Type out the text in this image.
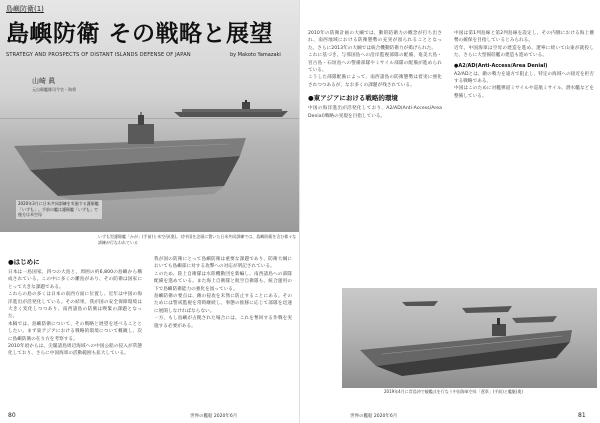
島嶼防衛(1)
島嶼防衛 その戦略と展望
STRATEGY AND PROSPECTS OF DISTANT ISLANDS DEFENSE OF JAPAN	by Makoto Yamazaki
山崎 眞
元自衛艦隊司令官・海将
2020年3月に日米共同訓練を実施する護衛艦「いずも」。手前の艦は護衛艦「いずも」で後方は米空母
いずも型護衛艦「かが」(手前)と米空母(奥)。対中国を念頭に置いた日米共同訓練では、島嶼防衛を含む様々な訓練が行なわれている
●はじめに

日本は一島国家、四つの大島と、周囲の約6,800の島嶼から構成されている。この中に多くの離島があり、その防衛は国家にとって大きな課題である。

これらの島の多くは日本の南西方面に位置し、近年は中国の海洋進出が活発化している。その結果、我が国の安全保障環境は大きく変化しつつあり、南西諸島の防衛は喫緊の課題となった。

本稿では、島嶼防衛について、その戦略と展望を述べることとしたい。まず東アジアにおける戦略的環境について概観し、次に島嶼防衛の在り方を考察する。

2010年頃からは、尖閣諸島周辺海域への中国公船の侵入が常態化しており、さらに中国海軍の活動範囲も拡大している。

我が国の防衛にとって島嶼防衛は重要な課題であり、防衛大綱においても島嶼部に対する攻撃への対応が明記されている。

このため、陸上自衛隊は水陸機動団を新編し、南西諸島への部隊配備を進めている。また海上自衛隊と航空自衛隊も、統合運用の下で島嶼防衛能力の強化を図っている。

島嶼防衛の要点は、敵の侵攻を未然に防止することにある。そのためには警戒監視を常時継続し、事態の推移に応じて部隊を迅速に展開しなければならない。

一方、もし島嶼が占拠された場合には、これを奪回する作戦を実施する必要がある。

80	世界の艦船 2020年6月

2010年の防衛計画の大綱では、動的防衛力の概念が打ち出され、南西地域における防衛態勢の充実が図られることとなった。さらに2013年の大綱では統合機動防衛力が掲げられた。

これに基づき、与那国島への沿岸監視部隊の配備、奄美大島・宮古島・石垣島への警備部隊やミサイル部隊の配備が進められている。

こうした部隊配備によって、南西諸島の防衛態勢は着実に強化されつつあるが、なお多くの課題が残されている。

●東アジアにおける戦略的環境

中国の海洋進出が活発化しており、A2/AD(Anti-Access/Area Denial)戦略の実現を目指している。

中国は第1列島線と第2列島線を設定し、その内側における海上優勢の確保を目指しているとみられる。

近年、中国海軍は空母の建造を進め、遼寧に続いて山東が就役した。さらに大型揚陸艦の建造も進めている。

●A2/AD(Anti-Access/Area Denial)

A2/ADとは、敵の戦力を遠方で阻止し、特定の海域への接近を拒否する戦略である。

中国はこのために対艦弾道ミサイルや巡航ミサイル、潜水艦などを整備している。

2019年4月に青島沖で観艦式を行なう中国海軍空母「遼寧」(手前)と艦艇(奥)
世界の艦船 2020年6月	81
